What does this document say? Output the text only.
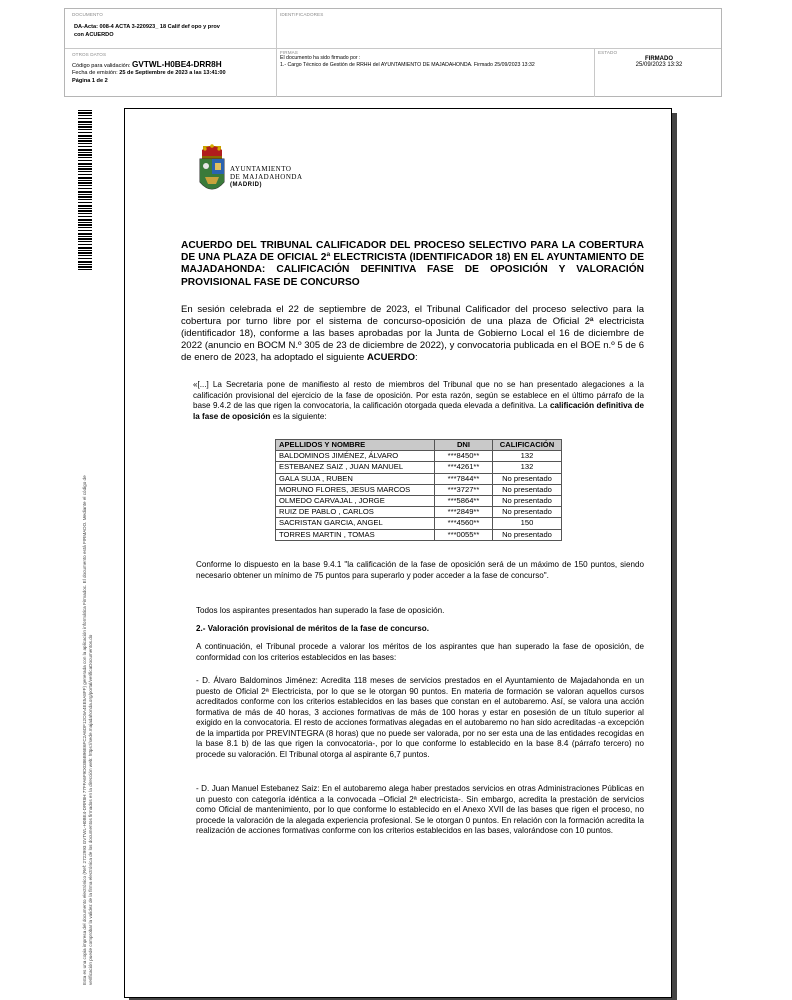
DOCUMENTO
DA-Acta: 008-4 ACTA 3-220923_ 18 Calif def opo y prov con ACUERDO
IDENTIFICADORES
OTROS DATOS
Código para validación: GVTWL-H0BE4-DRR8H
Fecha de emisión: 25 de Septiembre de 2023 a las 13:41:00
Página 1 de 2
FIRMAS
El documento ha sido firmado por :
1.- Cargo Técnico de Gestión de RRHH del AYUNTAMIENTO DE MAJADAHONDA. Firmado 25/09/2023 13:32
ESTADO
FIRMADO
25/09/2023 13:32
Esta es una copia impresa del documento electrónico (Ref: 2722993 GVTWL-H0BE4-DRR8H 77FFA6F9D0386B96E6FC2A6DF12C6A4EE5A8FF) generada con la aplicación informática Firmadoc. El documento está FIRMADO. Mediante el código de verificación puede comprobar la validez de la firma electrónica de los documentos firmados en la dirección web: https://sede.majadahonda.org/portal/verificaDocumentos.do
AYUNTAMIENTO
DE MAJADAHONDA
(MADRID)
ACUERDO DEL TRIBUNAL CALIFICADOR DEL PROCESO SELECTIVO PARA LA COBERTURA DE UNA PLAZA DE OFICIAL 2ª ELECTRICISTA (IDENTIFICADOR 18) EN EL AYUNTAMIENTO DE MAJADAHONDA: CALIFICACIÓN DEFINITIVA FASE DE OPOSICIÓN Y VALORACIÓN PROVISIONAL FASE DE CONCURSO
En sesión celebrada el 22 de septiembre de 2023, el Tribunal Calificador del proceso selectivo para la cobertura por turno libre por el sistema de concurso-oposición de una plaza de Oficial 2ª electricista (identificador 18), conforme a las bases aprobadas por la Junta de Gobierno Local el 16 de diciembre de 2022 (anuncio en BOCM N.º 305 de 23 de diciembre de 2022), y convocatoria publicada en el BOE n.º 5 de 6 de enero de 2023, ha adoptado el siguiente ACUERDO:
«[...] La Secretaria pone de manifiesto al resto de miembros del Tribunal que no se han presentado alegaciones a la calificación provisional del ejercicio de la fase de oposición. Por esta razón, según se establece en el último párrafo de la base 9.4.2 de las que rigen la convocatoria, la calificación otorgada queda elevada a definitiva. La calificación definitiva de la fase de oposición es la siguiente:
APELLIDOS Y NOMBRE	DNI	CALIFICACIÓN
BALDOMINOS JIMÉNEZ, ÁLVARO	***8450**	132
ESTEBANEZ SAIZ , JUAN MANUEL	***4261**	132
GALA SUJA , RUBEN	***7844**	No presentado
MORUNO FLORES, JESUS MARCOS	***3727**	No presentado
OLMEDO CARVAJAL , JORGE	***5864**	No presentado
RUIZ DE PABLO , CARLOS	***2849**	No presentado
SACRISTAN GARCIA, ANGEL	***4560**	150
TORRES MARTIN , TOMAS	***0055**	No presentado
Conforme lo dispuesto en la base 9.4.1 "la calificación de la fase de oposición será de un máximo de 150 puntos, siendo necesario obtener un mínimo de 75 puntos para superarlo y poder acceder a la fase de concurso".
Todos los aspirantes presentados han superado la fase de oposición.
2.- Valoración provisional de méritos de la fase de concurso.
A continuación, el Tribunal procede a valorar los méritos de los aspirantes que han superado la fase de oposición, de conformidad con los criterios establecidos en las bases:
- D. Álvaro Baldominos Jiménez: Acredita 118 meses de servicios prestados en el Ayuntamiento de Majadahonda en un puesto de Oficial 2ª Electricista, por lo que se le otorgan 90 puntos. En materia de formación se valoran aquellos cursos acreditados conforme con los criterios establecidos en las bases que constan en el autobaremo. Así, se valora una acción formativa de más de 40 horas, 3 acciones formativas de más de 100 horas y estar en posesión de un título superior al exigido en la convocatoria. El resto de acciones formativas alegadas en el autobaremo no han sido acreditadas -a excepción de la impartida por PREVINTEGRA (8 horas) que no puede ser valorada, por no ser esta una de las entidades recogidas en la base 8.1 b) de las que rigen la convocatoria-, por lo que conforme lo establecido en la base 8.4 (párrafo tercero) no procede su valoración. El Tribunal otorga al aspirante 6,7 puntos.
- D. Juan Manuel Estebanez Saiz: En el autobaremo alega haber prestados servicios en otras Administraciones Públicas en un puesto con categoría idéntica a la convocada –Oficial 2ª electricista-. Sin embargo, acredita la prestación de servicios como Oficial de mantenimiento, por lo que conforme lo establecido en el Anexo XVII de las bases que rigen el proceso, no procede la valoración de la alegada experiencia profesional. Se le otorgan 0 puntos. En relación con la formación acredita la realización de acciones formativas conforme con los criterios establecidos en las bases, valorándose con 10 puntos.
